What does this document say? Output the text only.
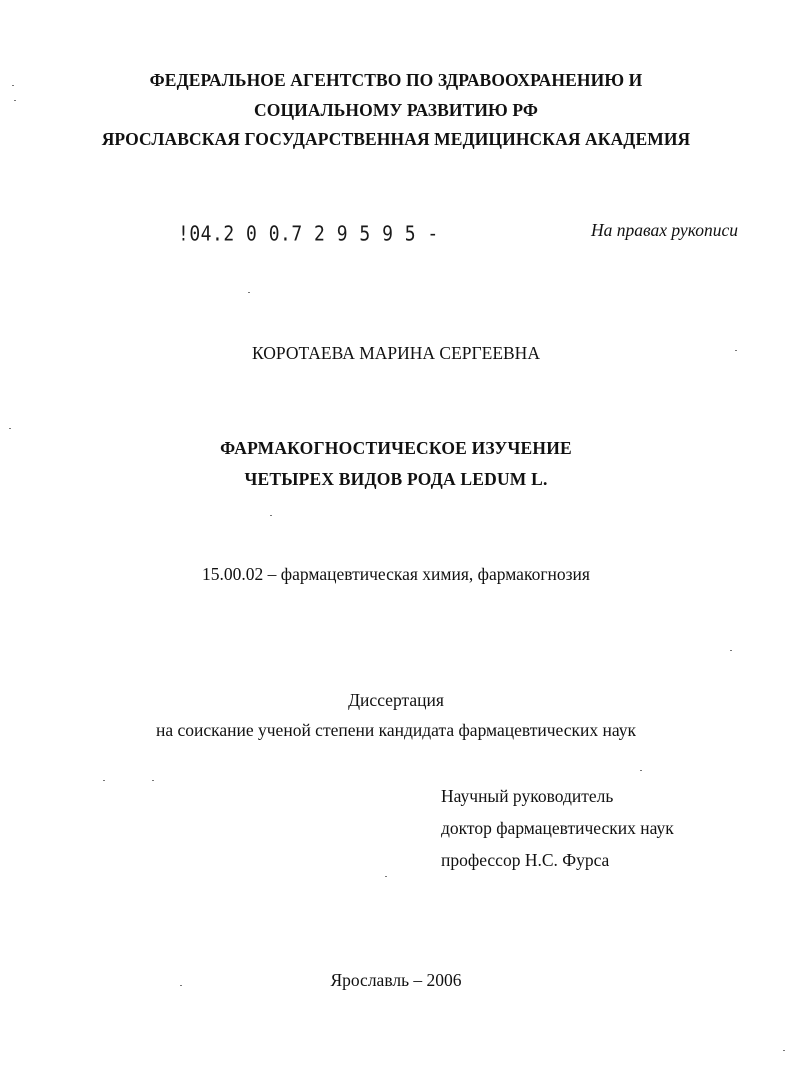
ФЕДЕРАЛЬНОЕ АГЕНТСТВО ПО ЗДРАВООХРАНЕНИЮ И
СОЦИАЛЬНОМУ РАЗВИТИЮ РФ
ЯРОСЛАВСКАЯ ГОСУДАРСТВЕННАЯ МЕДИЦИНСКАЯ АКАДЕМИЯ
!04.2 0 0.7 2 9 5 9 5 -	На правах рукописи
КОРОТАЕВА МАРИНА СЕРГЕЕВНА
ФАРМАКОГНОСТИЧЕСКОЕ ИЗУЧЕНИЕ
ЧЕТЫРЕХ ВИДОВ РОДА LEDUM L.
15.00.02 – фармацевтическая химия, фармакогнозия
Диссертация
на соискание ученой степени кандидата фармацевтических наук
Научный руководитель
доктор фармацевтических наук
профессор Н.С. Фурса
Ярославль – 2006
